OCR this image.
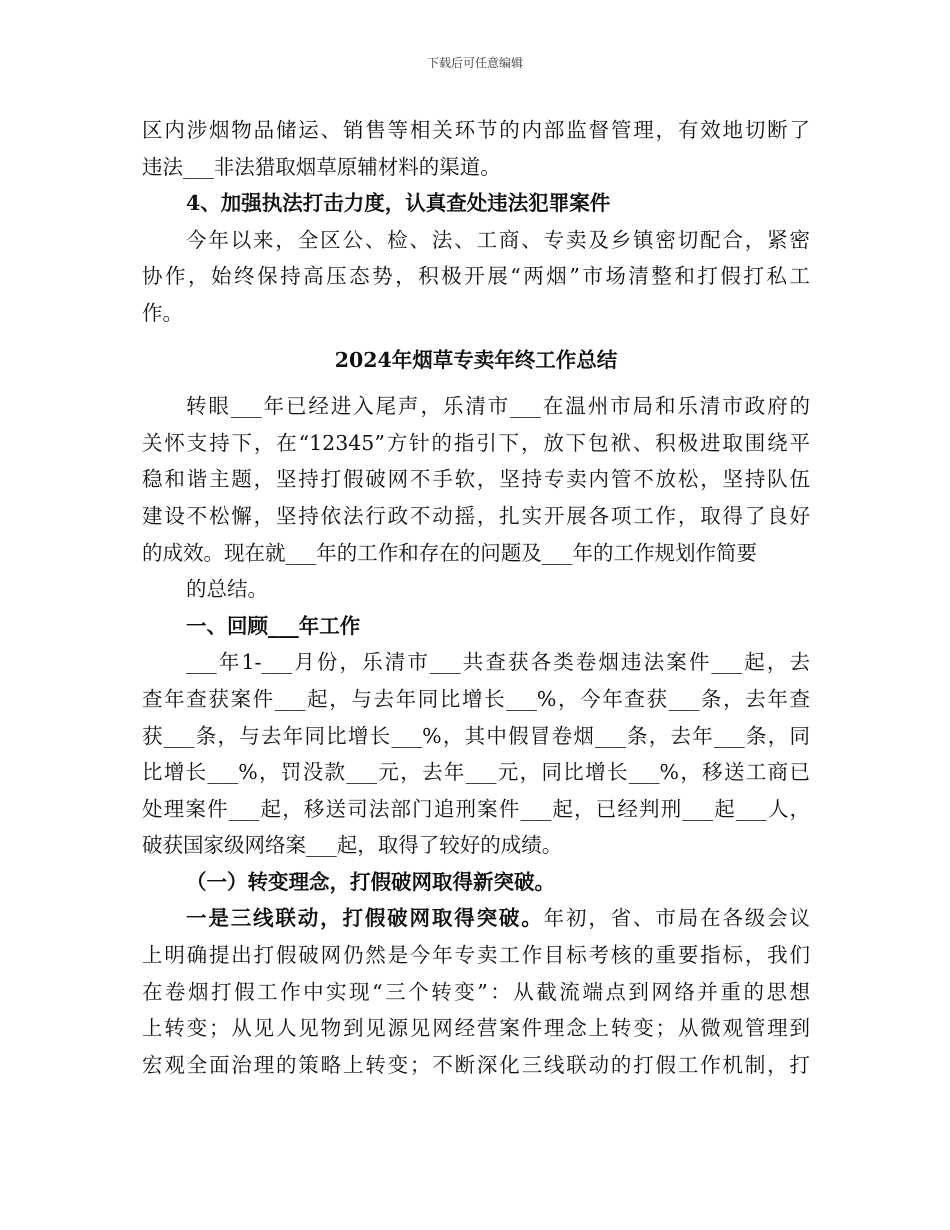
下载后可任意编辑
区内涉烟物品储运、销售等相关环节的内部监督管理，有效地切断了
违法___非法猎取烟草原辅材料的渠道。
4、加强执法打击力度，认真查处违法犯罪案件
今年以来，全区公、检、法、工商、专卖及乡镇密切配合，紧密
协作，始终保持高压态势，积极开展“两烟”市场清整和打假打私工
作。
2024年烟草专卖年终工作总结
转眼___年已经进入尾声，乐清市___在温州市局和乐清市政府的
关怀支持下，在“12345”方针的指引下，放下包袱、积极进取围绕平
稳和谐主题，坚持打假破网不手软，坚持专卖内管不放松，坚持队伍
建设不松懈，坚持依法行政不动摇，扎实开展各项工作，取得了良好
的成效。现在就___年的工作和存在的问题及___年的工作规划作简要
的总结。
一、回顾___年工作
___年1-___月份，乐清市___共查获各类卷烟违法案件___起，去
查年查获案件___起，与去年同比增长___%，今年查获___条，去年查
获___条，与去年同比增长___%，其中假冒卷烟___条，去年___条，同
比增长___%，罚没款___元，去年___元，同比增长___%，移送工商已
处理案件___起，移送司法部门追刑案件___起，已经判刑___起___人，
破获国家级网络案___起，取得了较好的成绩。
（一）转变理念，打假破网取得新突破。
一是三线联动，打假破网取得突破。年初，省、市局在各级会议
上明确提出打假破网仍然是今年专卖工作目标考核的重要指标，我们
在卷烟打假工作中实现“三个转变”：从截流端点到网络并重的思想
上转变；从见人见物到见源见网经营案件理念上转变；从微观管理到
宏观全面治理的策略上转变；不断深化三线联动的打假工作机制，打
